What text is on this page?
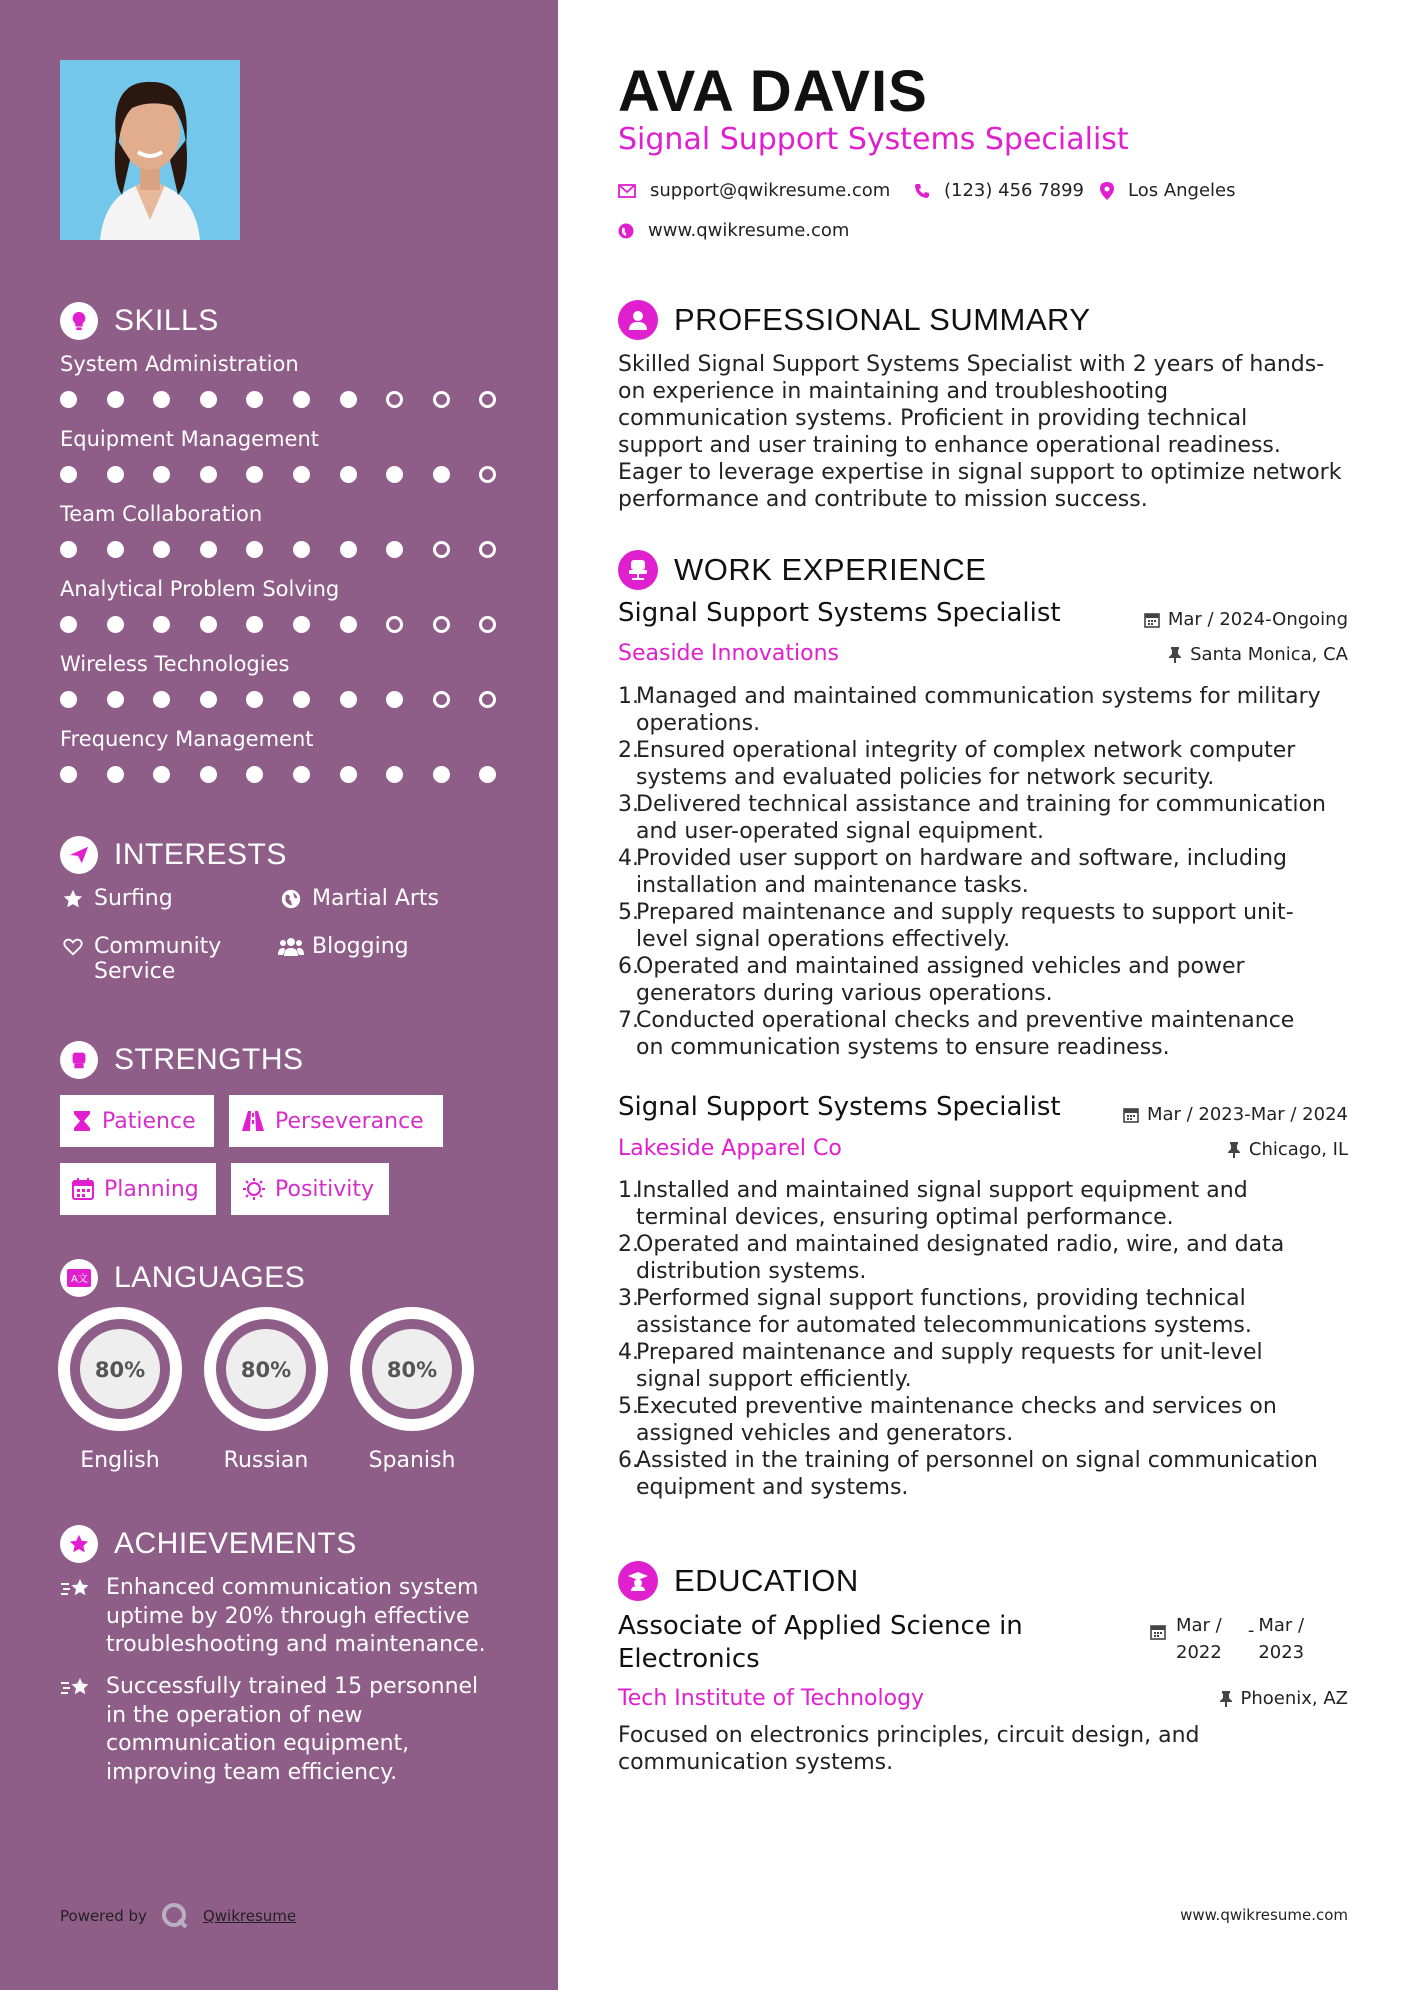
SKILLS
System Administration
Equipment Management
Team Collaboration
Analytical Problem Solving
Wireless Technologies
Frequency Management
INTERESTS
Surfing	Martial Arts
Community
Service
Blogging
STRENGTHS
Patience	Perseverance
Planning	Positivity
A文 LANGUAGES
80%
English
80%
Russian
80%
Spanish
ACHIEVEMENTS
Enhanced communication system
uptime by 20% through effective
troubleshooting and maintenance.
Successfully trained 15 personnel
in the operation of new
communication equipment,
improving team efficiency.
Powered by	Qwikresume
AVA DAVIS
Signal Support Systems Specialist
support@qwikresume.com	(123) 456 7899 Los Angeles
www.qwikresume.com
PROFESSIONAL SUMMARY
Skilled Signal Support Systems Specialist with 2 years of hands-
on experience in maintaining and troubleshooting
communication systems. Proficient in providing technical
support and user training to enhance operational readiness.
Eager to leverage expertise in signal support to optimize network
performance and contribute to mission success.
WORK EXPERIENCE
Signal Support Systems Specialist	Mar / 2024-Ongoing
Seaside Innovations	Santa Monica, CA
1.
Managed and maintained communication systems for military
operations.
2.
Ensured operational integrity of complex network computer
systems and evaluated policies for network security.
3.
Delivered technical assistance and training for communication
and user-operated signal equipment.
4.
Provided user support on hardware and software, including
installation and maintenance tasks.
5.
Prepared maintenance and supply requests to support unit-
level signal operations effectively.
6.
Operated and maintained assigned vehicles and power
generators during various operations.
7.
Conducted operational checks and preventive maintenance
on communication systems to ensure readiness.
Signal Support Systems Specialist	Mar / 2023-Mar / 2024
Lakeside Apparel Co	Chicago, IL
1.
Installed and maintained signal support equipment and
terminal devices, ensuring optimal performance.
2.
Operated and maintained designated radio, wire, and data
distribution systems.
3.
Performed signal support functions, providing technical
assistance for automated telecommunications systems.
4.
Prepared maintenance and supply requests for unit-level
signal support efficiently.
5.
Executed preventive maintenance checks and services on
assigned vehicles and generators.
6.
Assisted in the training of personnel on signal communication
equipment and systems.
EDUCATION
Associate of Applied Science in
Electronics
Mar /
2022
- Mar /
2023
Tech Institute of Technology	Phoenix, AZ
Focused on electronics principles, circuit design, and
communication systems.
www.qwikresume.com
